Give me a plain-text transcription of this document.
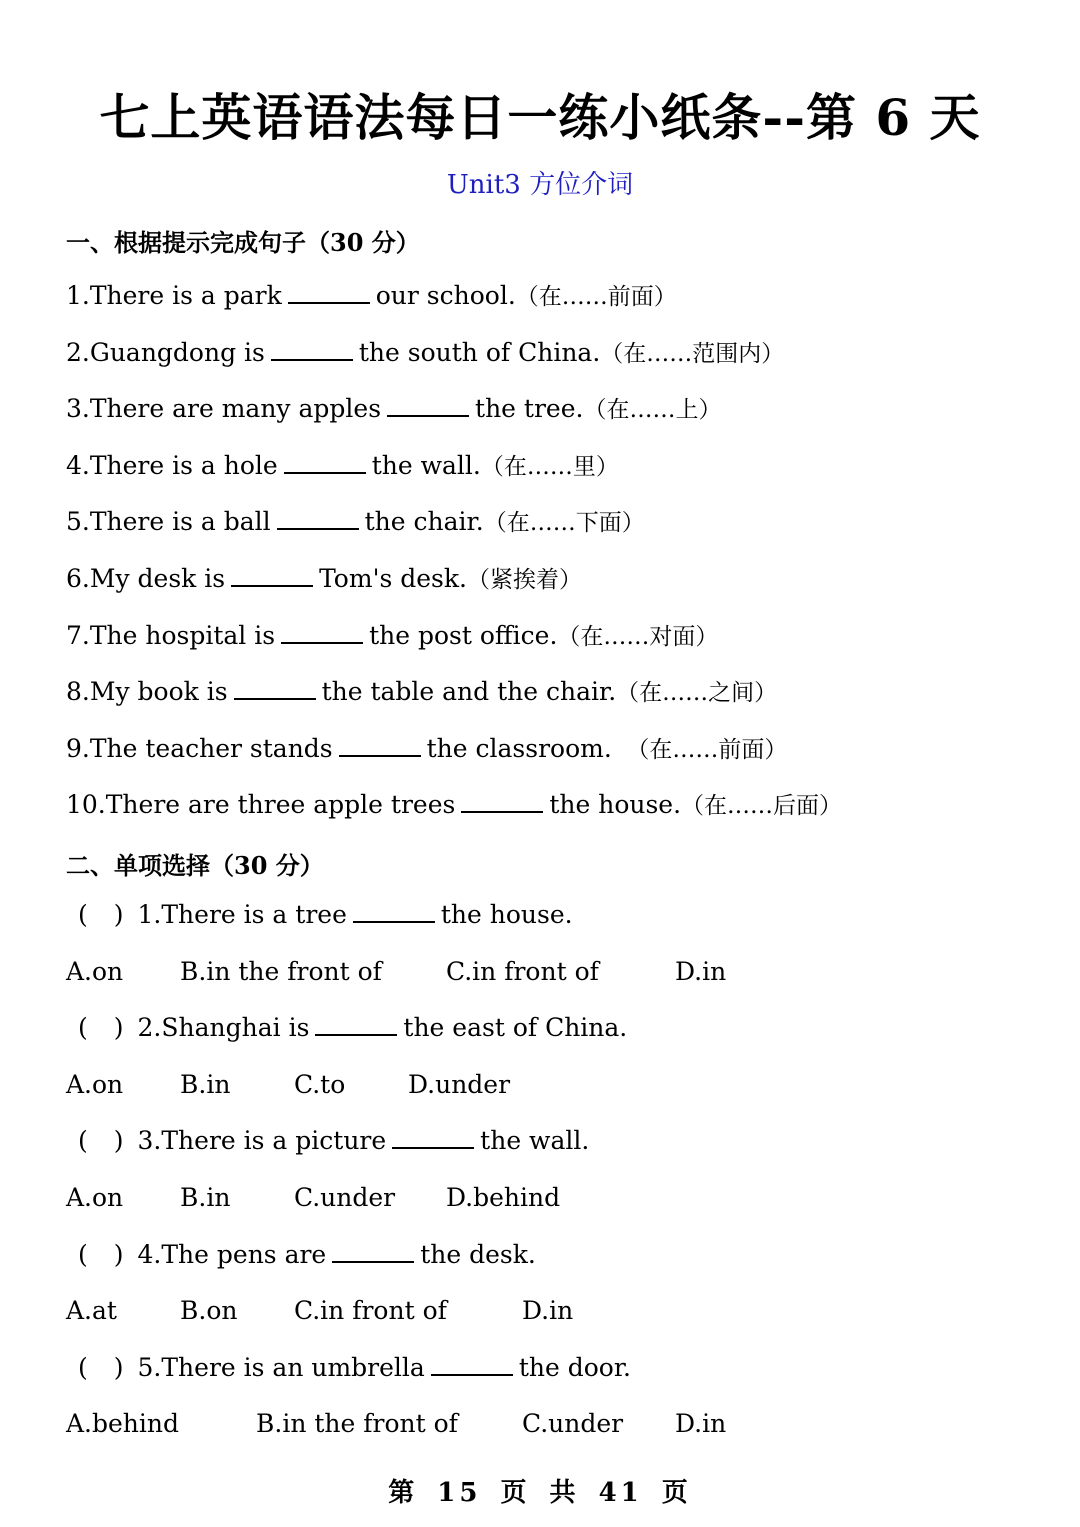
七上英语语法每日一练小纸条--第 6 天
Unit3 方位介词
一、根据提示完成句子（30 分）
1.There is a park	our school.（在……前面）
2.Guangdong is	the south of China.（在……范围内）
3.There are many apples	the tree.（在……上）
4.There is a hole	the wall.（在……里）
5.There is a ball	the chair.（在……下面）
6.My desk is	Tom's desk.（紧挨着）
7.The hospital is	the post office.（在……对面）
8.My book is	the table and the chair.（在……之间）
9.The teacher stands	the classroom.  （在……前面）
10.There are three apple trees	the house.（在……后面）
二、单项选择（30 分）
( ) 1.There is a tree	the house.
A.on B.in the front of	C.in front of	D.in
( ) 2.Shanghai is	the east of China.
A.on B.in	C.to	D.under
( ) 3.There is a picture	the wall.
A.on B.in	C.under D.behind
( ) 4.The pens are	the desk.
A.at	B.on C.in front of	D.in
( ) 5.There is an umbrella	the door.
A.behind	B.in the front of	C.under D.in
第 15 页 共 41 页
